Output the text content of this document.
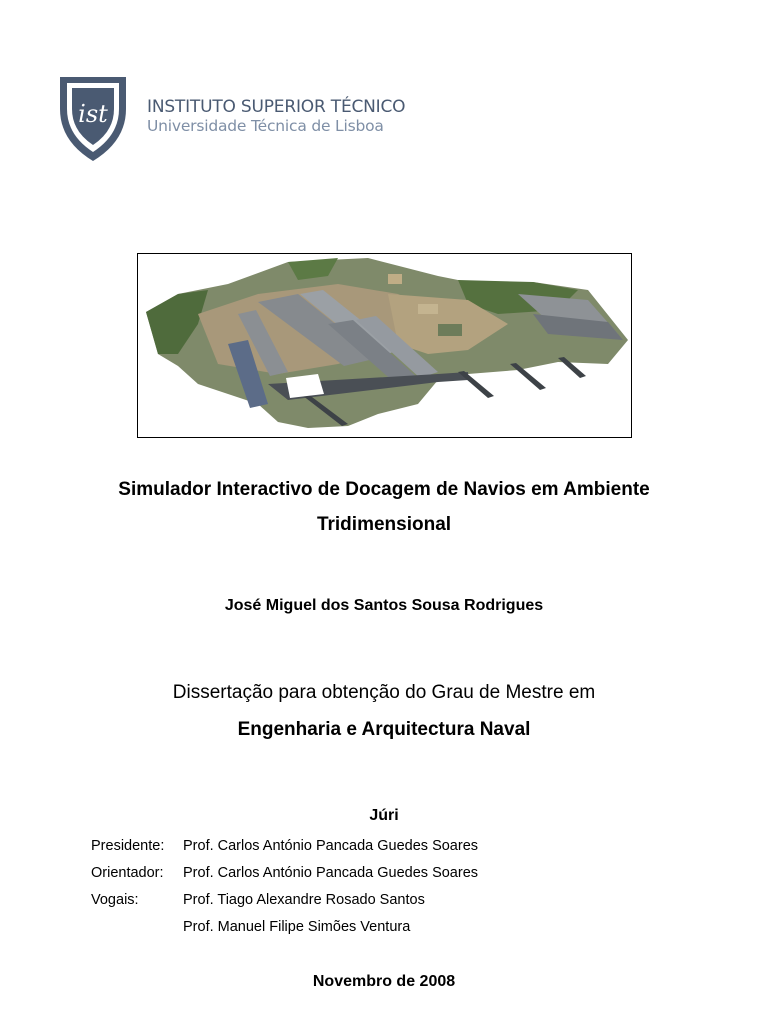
ist INSTITUTO SUPERIOR TÉCNICO
Universidade Técnica de Lisboa
Simulador Interactivo de Docagem de Navios em Ambiente
Tridimensional
José Miguel dos Santos Sousa Rodrigues
Dissertação para obtenção do Grau de Mestre em
Engenharia e Arquitectura Naval
Júri
Presidente: Prof. Carlos António Pancada Guedes Soares
Orientador: Prof. Carlos António Pancada Guedes Soares
Vogais:	Prof. Tiago Alexandre Rosado Santos
Prof. Manuel Filipe Simões Ventura
Novembro de 2008
